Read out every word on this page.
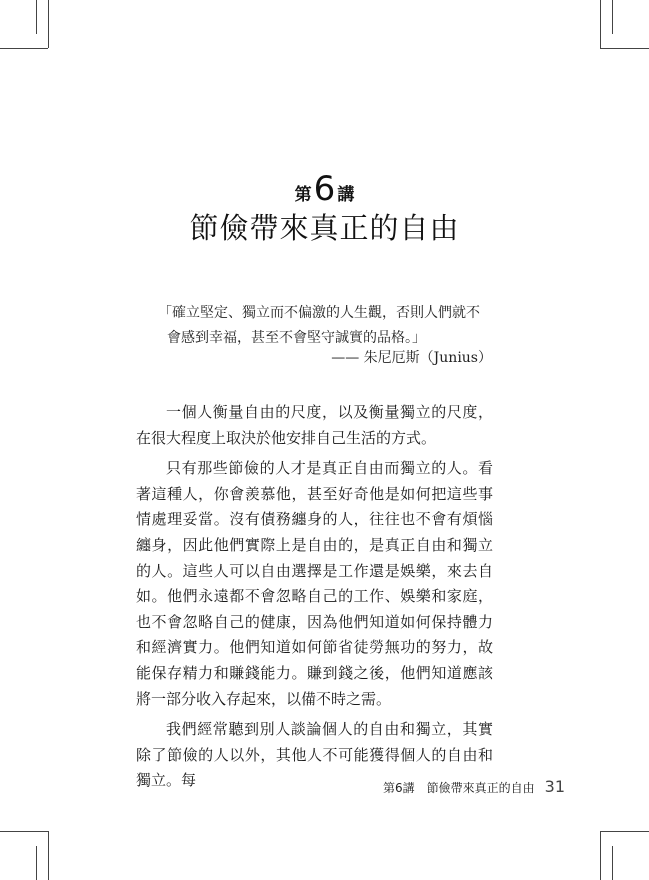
第 6 講
節儉帶來真正的自由

「確立堅定、獨立而不偏激的人生觀，否則人們就不

會感到幸福，甚至不會堅守誠實的品格。」

—— 朱尼厄斯（Junius）

一個人衡量自由的尺度，以及衡量獨立的尺度，在很大程度上取決於他安排自己生活的方式。

只有那些節儉的人才是真正自由而獨立的人。看著這種人，你會羨慕他，甚至好奇他是如何把這些事情處理妥當。沒有債務纏身的人，往往也不會有煩惱纏身，因此他們實際上是自由的，是真正自由和獨立的人。這些人可以自由選擇是工作還是娛樂，來去自如。他們永遠都不會忽略自己的工作、娛樂和家庭，也不會忽略自己的健康，因為他們知道如何保持體力和經濟實力。他們知道如何節省徒勞無功的努力，故能保存精力和賺錢能力。賺到錢之後，他們知道應該將一部分收入存起來，以備不時之需。

我們經常聽到別人談論個人的自由和獨立，其實除了節儉的人以外，其他人不可能獲得個人的自由和獨立。每	第6講　節儉帶來真正的自由 31
